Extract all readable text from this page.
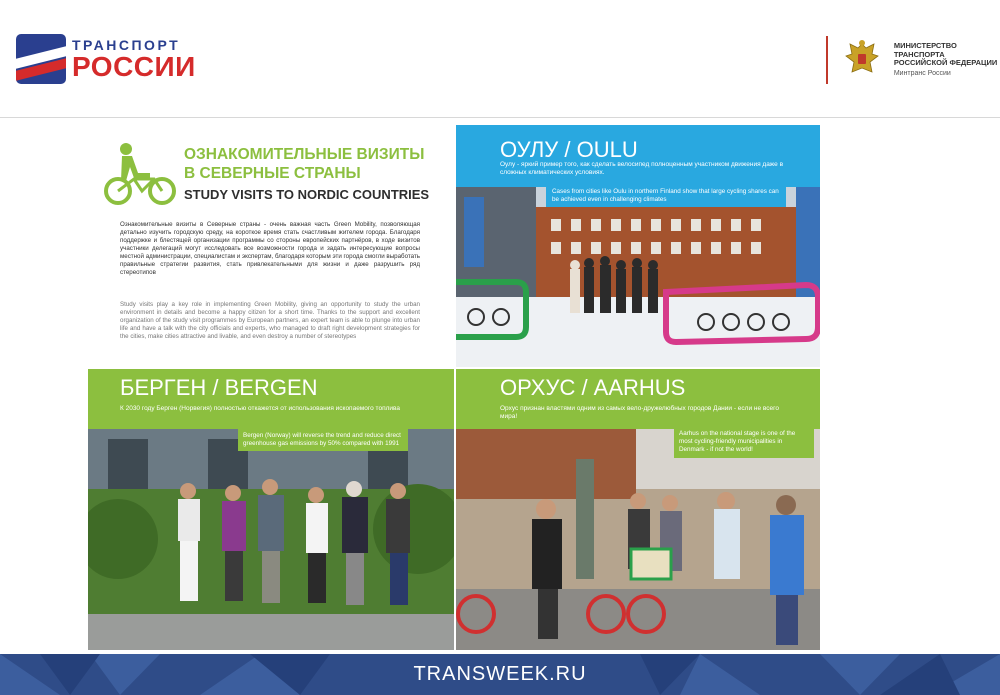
ТРАНСПОРТ
РОССИИ
МИНИСТЕРСТВО ТРАНСПОРТА
РОССИЙСКОЙ ФЕДЕРАЦИИ
Минтранс России
ОЗНАКОМИТЕЛЬНЫЕ ВИЗИТЫ В СЕВЕРНЫЕ СТРАНЫ
STUDY VISITS TO NORDIC COUNTRIES
Ознакомительные визиты в Северные страны - очень важная часть Green Mobility, позволяющая детально изучить городскую среду, на короткое время стать счастливым жителем города. Благодаря поддержке и блестящей организации программы со стороны европейских партнёров, в ходе визитов участники делегаций могут исследовать все возможности города и задать интересующие вопросы местной администрации, специалистам и экспертам, благодаря которым эти города смогли выработать правильные стратегии развития, стать привлекательными для жизни и даже разрушить ряд стереотипов
Study visits play a key role in implementing Green Mobility, giving an opportunity to study the urban environment in details and become a happy citizen for a short time. Thanks to the support and excellent organization of the study visit programmes by European partners, an expert team is able to plunge into urban life and have a talk with the city officials and experts, who managed to draft right development strategies for the cities, make cities attractive and livable, and even destroy a number of stereotypes
ОУЛУ / OULU
Оулу - яркий пример того, как сделать велосипед полноценным участником движения даже в сложных климатических условиях.
Cases from cities like Oulu in northern Finland show that large cycling shares can be achieved even in challenging climates
БЕРГЕН / BERGEN
К 2030 году Берген (Норвегия) полностью откажется от использования ископаемого топлива
Bergen (Norway) will reverse the trend and reduce direct greenhouse gas emissions by 50% compared with 1991
ОРХУС / AARHUS
Орхус признан властями одним из самых вело-дружелюбных городов Дании - если не всего мира!
Aarhus on the national stage is one of the most cycling-friendly municipalities in Denmark - if not the world!
TRANSWEEK.RU
